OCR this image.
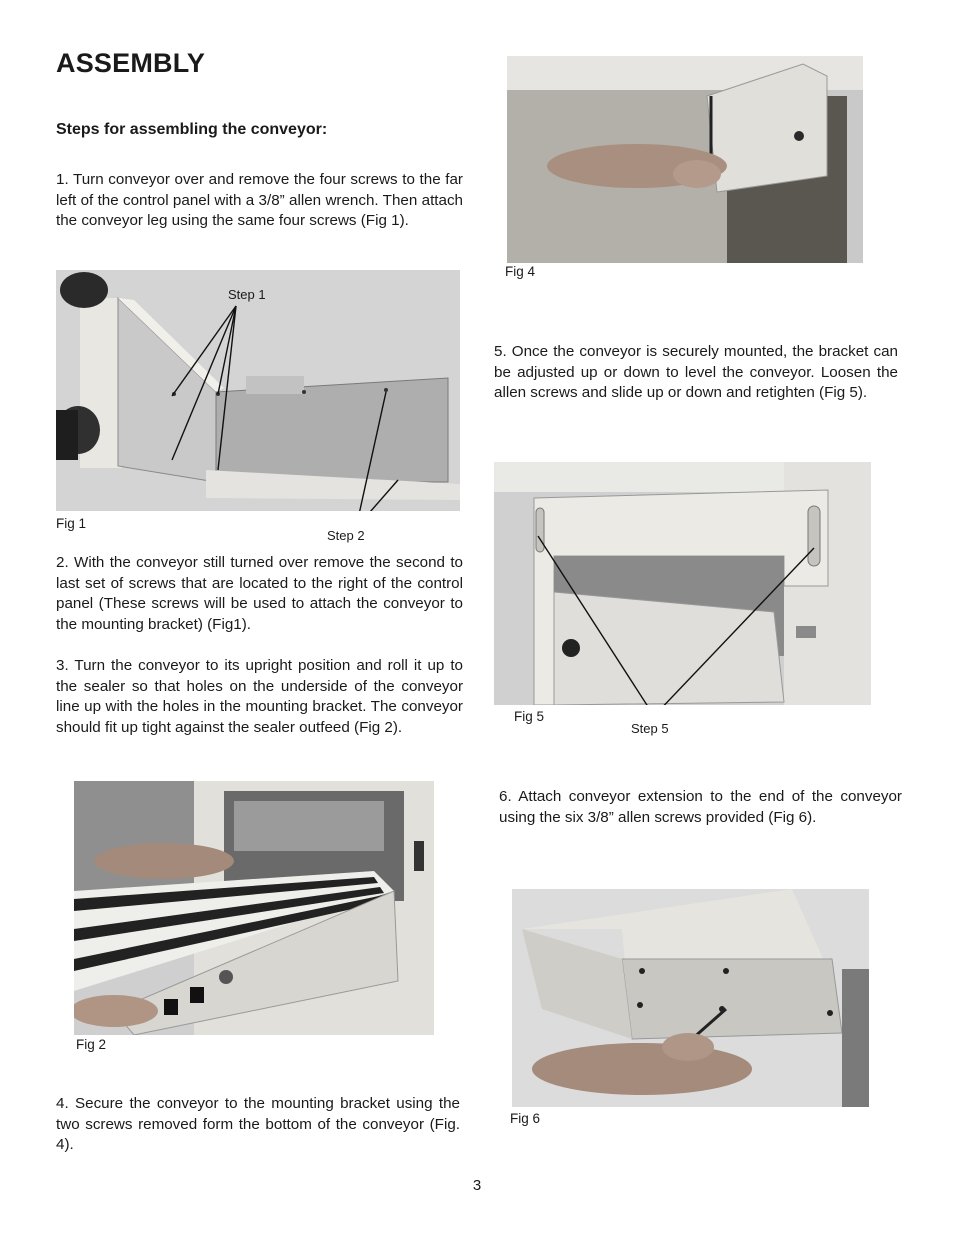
ASSEMBLY
Steps for assembling the conveyor:
1. Turn conveyor over and remove the four screws to the far left of the control panel with a 3/8” allen wrench. Then attach the conveyor leg using the same four screws (Fig 1).
Step 1
Fig 1
Step 2
2. With the conveyor still turned over remove the second to last set of screws that are located to the right of the control panel (These screws will be used to attach the conveyor to the mounting bracket) (Fig1).
3. Turn the conveyor to its upright position and roll it up to the sealer so that holes on the underside of the conveyor line up with the holes in the mounting bracket. The conveyor should fit up tight against the sealer outfeed (Fig 2).
Fig 2
4. Secure the conveyor to the mounting bracket using the two screws removed form the bottom of the conveyor (Fig. 4).
Fig 4
5. Once the conveyor is securely mounted, the bracket can be adjusted up or down to level the conveyor. Loosen the allen screws and slide up or down and retighten (Fig 5).
Fig 5
Step 5
6. Attach conveyor extension to the end of the conveyor using the six 3/8” allen screws provided (Fig 6).
Fig 6
3
